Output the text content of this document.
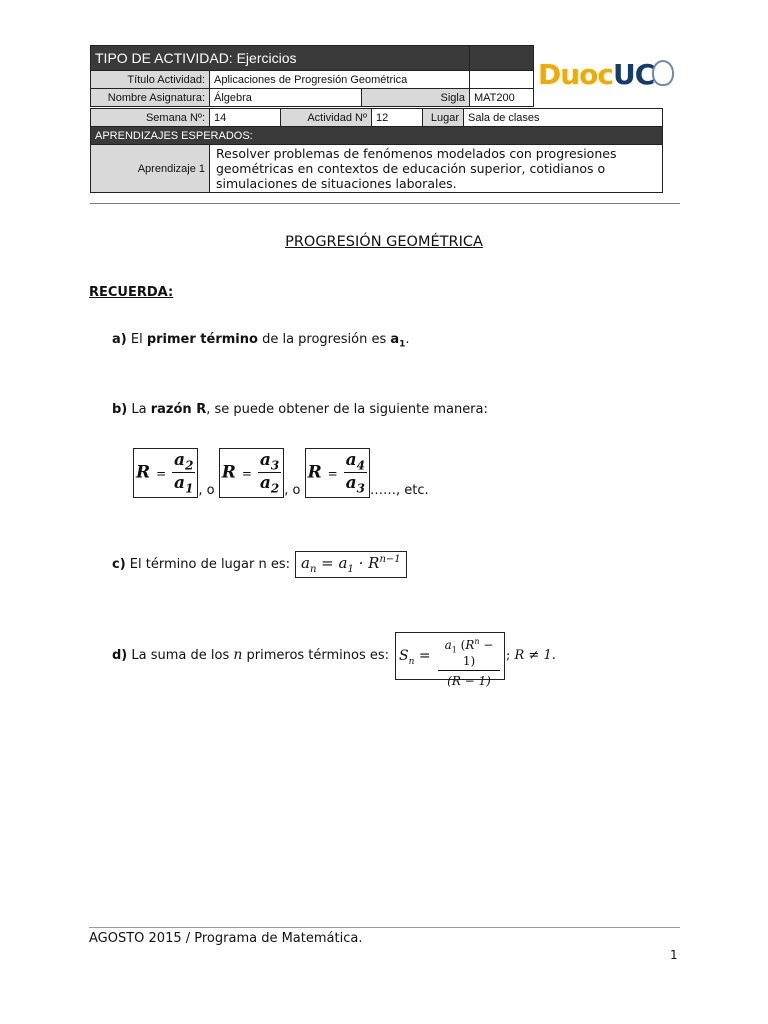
TIPO DE ACTIVIDAD: Ejercicios			
Título Actividad:	Aplicaciones de Progresión Geométrica		
Nombre Asignatura:	Álgebra	Sigla	MAT200
Semana Nº:	14	Actividad Nº	12	Lugar	Sala de clases
APRENDIZAJES ESPERADOS:					
Aprendizaje 1	Resolver problemas de fenómenos modelados con progresiones geométricas en contextos de educación superior, cotidianos o simulaciones de situaciones laborales.				
DuocUC
PROGRESIÓN GEOMÉTRICA
RECUERDA:
a) El primer término de la progresión es $a_1$.
b) La razón R, se puede obtener de la siguiente manera:
$R = \frac{a_2}{a_1}$ , o $R = \frac{a_3}{a_2}$ , o $R = \frac{a_4}{a_3}$ ……, etc.
c) El término de lugar n es: $a_n = a_1 \cdot R^{n-1}$
d) La suma de los n primeros términos es: $S_n$ =
$a_1$ $(R^n - 1)$
(R − 1)
; R ≠ 1.
AGOSTO 2015 / Programa de Matemática.
1
